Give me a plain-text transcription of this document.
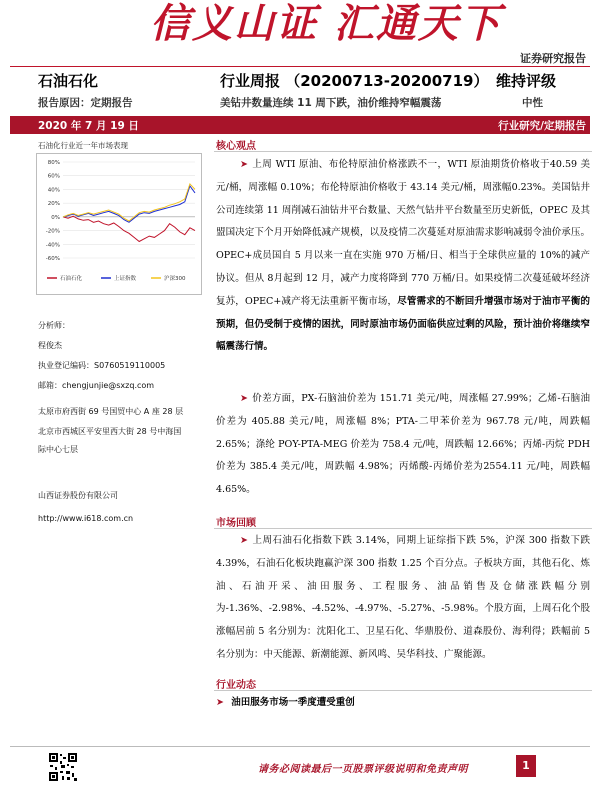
信义山证 汇通天下
证券研究报告
石油石化	行业周报 （20200713-20200719） 维持评级
报告原因：定期报告	美钻井数量连续 11 周下跌，油价维持窄幅震荡	中性
2020 年 7 月 19 日	行业研究/定期报告
石油化行业近一年市场表现
80%
60%
40%
20%
0%
-20%
-40%
-60%
石油石化	上证指数	沪深300
分析师：
程俊杰
执业登记编码：S0760519110005
邮箱：chengjunjie@sxzq.com
太原市府西街 69 号国贸中心 A 座 28 层
北京市西城区平安里西大街 28 号中海国
际中心七层
山西证券股份有限公司
http://www.i618.com.cn
核心观点
➤ 上周 WTI 原油、布伦特原油价格涨跌不一，WTI 原油期货价格收于40.59 美元/桶，周涨幅 0.10%；布伦特原油价格收于 43.14 美元/桶，周涨幅0.23%。美国钻井公司连续第 11 周削减石油钻井平台数量、天然气钻井平台数量至历史新低，OPEC 及其盟国决定下个月开始降低减产规模，以及疫情二次蔓延对原油需求影响减弱令油价承压。OPEC+成员国自 5 月以来一直在实施 970 万桶/日、相当于全球供应量的 10%的减产协议。但从 8月起到 12 月，减产力度将降到 770 万桶/日。如果疫情二次蔓延破坏经济复苏，OPEC+减产将无法重新平衡市场，尽管需求的不断回升增强市场对于油市平衡的预期，但仍受制于疫情的困扰，同时原油市场仍面临供应过剩的风险，预计油价将继续窄幅震荡行情。
➤ 价差方面，PX-石脑油价差为 151.71 美元/吨，周涨幅 27.99%；乙烯-石脑油价差为 405.88 美元/吨，周涨幅 8%；PTA-二甲苯价差为 967.78 元/吨，周跌幅 2.65%；涤纶 POY-PTA-MEG 价差为 758.4 元/吨，周跌幅 12.66%；丙烯-丙烷 PDH 价差为 385.4 美元/吨，周跌幅 4.98%；丙烯酸-丙烯价差为2554.11 元/吨，周跌幅 4.65%。
市场回顾
➤ 上周石油石化指数下跌 3.14%，同期上证综指下跌 5%，沪深 300 指数下跌 4.39%，石油石化板块跑赢沪深 300 指数 1.25 个百分点。子板块方面，其他石化、炼油、石油开采、油田服务、工程服务、油品销售及仓储涨跌幅分别为-1.36%、-2.98%、-4.52%、-4.97%、-5.27%、-5.98%。个股方面，上周石化个股涨幅居前 5 名分别为：沈阳化工、卫星石化、华鼎股份、道森股份、海利得；跌幅前 5 名分别为：中天能源、新潮能源、新风鸣、吴华科技、广聚能源。
行业动态
➤ 油田服务市场一季度遭受重创
请务必阅读最后一页股票评级说明和免责声明	1
